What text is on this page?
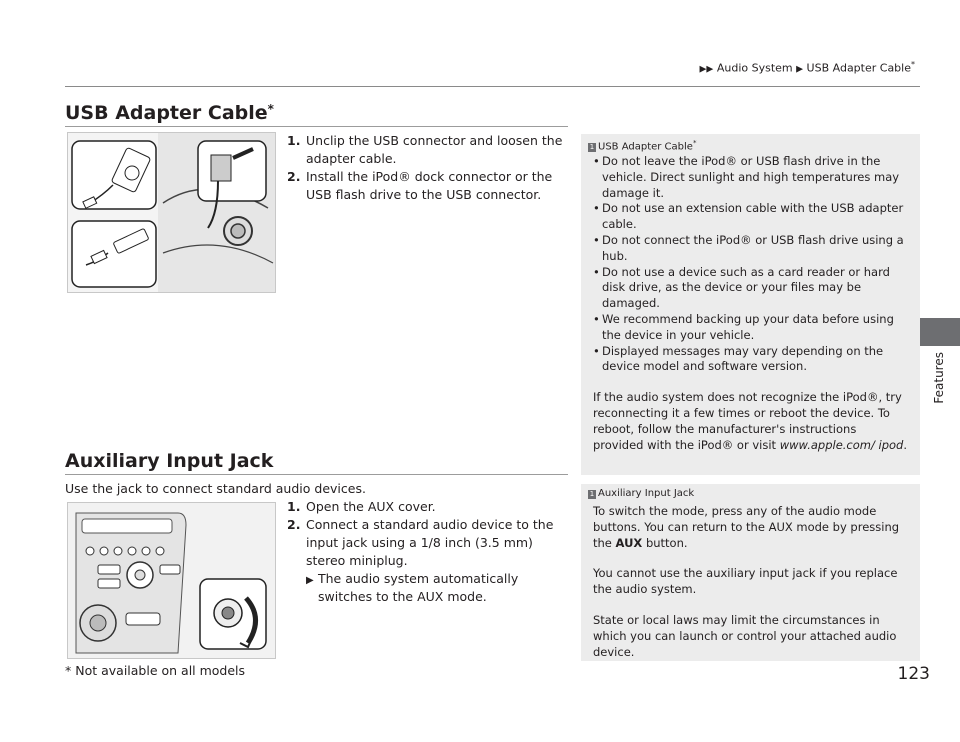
▶▶ Audio System ▶ USB Adapter Cable*
Features
123
USB Adapter Cable*
1. Unclip the USB connector and loosen the adapter cable.
2. Install the iPod® dock connector or the USB flash drive to the USB connector.
Auxiliary Input Jack
Use the jack to connect standard audio devices.
1. Open the AUX cover.
2. Connect a standard audio device to the input jack using a 1/8 inch (3.5 mm) stereo miniplug.
▶ The audio system automatically switches to the AUX mode.
* Not available on all models
1 USB Adapter Cable*
• Do not leave the iPod® or USB flash drive in the vehicle. Direct sunlight and high temperatures may damage it.
• Do not use an extension cable with the USB adapter cable.
• Do not connect the iPod® or USB flash drive using a hub.
• Do not use a device such as a card reader or hard disk drive, as the device or your files may be damaged.
• We recommend backing up your data before using the device in your vehicle.
• Displayed messages may vary depending on the device model and software version.
If the audio system does not recognize the iPod®, try reconnecting it a few times or reboot the device. To reboot, follow the manufacturer's instructions provided with the iPod® or visit www.apple.com/ ipod.
1 Auxiliary Input Jack
To switch the mode, press any of the audio mode buttons. You can return to the AUX mode by pressing the AUX button.
You cannot use the auxiliary input jack if you replace the audio system.
State or local laws may limit the circumstances in which you can launch or control your attached audio device.
